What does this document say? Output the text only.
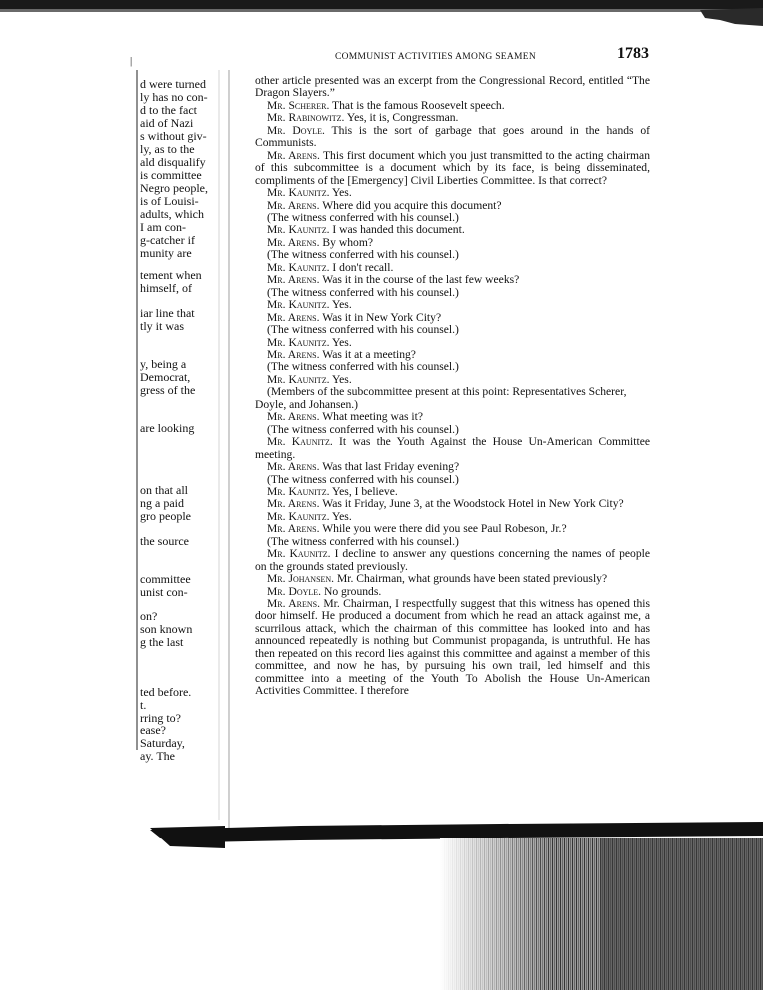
COMMUNIST ACTIVITIES AMONG SEAMEN	1783
|
d were turned
ly has no con-
d to the fact
aid of Nazi
s without giv-
ly, as to the
ald disqualify
is committee
Negro people,
is of Louisi-
adults, which
I am con-
g-catcher if
munity are
tement when
himself, of
iar line that
tly it was
y, being a
Democrat,
gress of the
are looking
on that all
ng a paid
gro people
the source
committee
unist con-
on?
son known
g the last
ted before.
t.
rring to?
ease?
Saturday,
ay. The

other article presented was an excerpt from the Congressional Record, entitled “The Dragon Slayers.”

Mr. Scherer. That is the famous Roosevelt speech.

Mr. Rabinowitz. Yes, it is, Congressman.

Mr. Doyle. This is the sort of garbage that goes around in the hands of Communists.

Mr. Arens. This first document which you just transmitted to the acting chairman of this subcommittee is a document which by its face, is being disseminated, compliments of the [Emergency] Civil Liberties Committee. Is that correct?

Mr. Kaunitz. Yes.

Mr. Arens. Where did you acquire this document?

(The witness conferred with his counsel.)

Mr. Kaunitz. I was handed this document.

Mr. Arens. By whom?

(The witness conferred with his counsel.)

Mr. Kaunitz. I don't recall.

Mr. Arens. Was it in the course of the last few weeks?

(The witness conferred with his counsel.)

Mr. Kaunitz. Yes.

Mr. Arens. Was it in New York City?

(The witness conferred with his counsel.)

Mr. Kaunitz. Yes.

Mr. Arens. Was it at a meeting?

(The witness conferred with his counsel.)

Mr. Kaunitz. Yes.

(Members of the subcommittee present at this point: Representatives Scherer, Doyle, and Johansen.)

Mr. Arens. What meeting was it?

(The witness conferred with his counsel.)

Mr. Kaunitz. It was the Youth Against the House Un-American Committee meeting.

Mr. Arens. Was that last Friday evening?

(The witness conferred with his counsel.)

Mr. Kaunitz. Yes, I believe.

Mr. Arens. Was it Friday, June 3, at the Woodstock Hotel in New York City?

Mr. Kaunitz. Yes.

Mr. Arens. While you were there did you see Paul Robeson, Jr.?

(The witness conferred with his counsel.)

Mr. Kaunitz. I decline to answer any questions concerning the names of people on the grounds stated previously.

Mr. Johansen. Mr. Chairman, what grounds have been stated previously?

Mr. Doyle. No grounds.

Mr. Arens. Mr. Chairman, I respectfully suggest that this witness has opened this door himself. He produced a document from which he read an attack against me, a scurrilous attack, which the chairman of this committee has looked into and has announced repeatedly is nothing but Communist propaganda, is untruthful. He has then repeated on this record lies against this committee and against a member of this committee, and now he has, by pursuing his own trail, led himself and this committee into a meeting of the Youth To Abolish the House Un-American Activities Committee. I therefore
